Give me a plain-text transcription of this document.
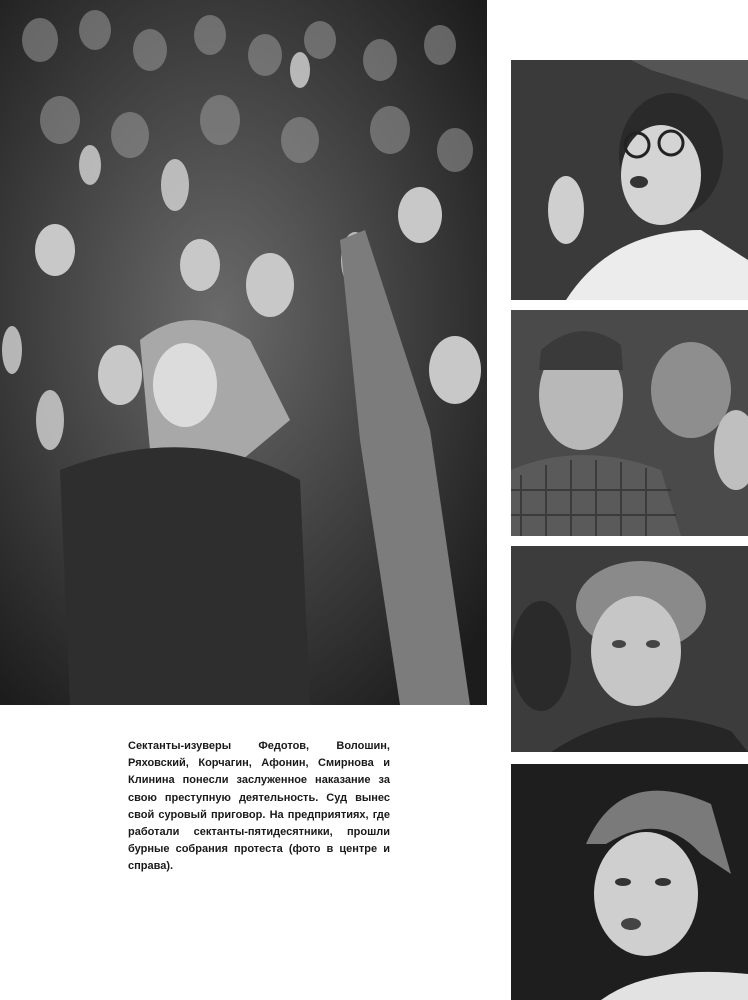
Сектанты-изуверы Федотов, Волошин, Ряховский, Корчагин, Афонин, Смирнова и Клинина понесли заслуженное наказание за свою преступную деятельность. Суд вынес свой суровый приговор. На предприятиях, где работали сектанты-пятидесятники, прошли бурные собрания протеста (фото в центре и справа).
